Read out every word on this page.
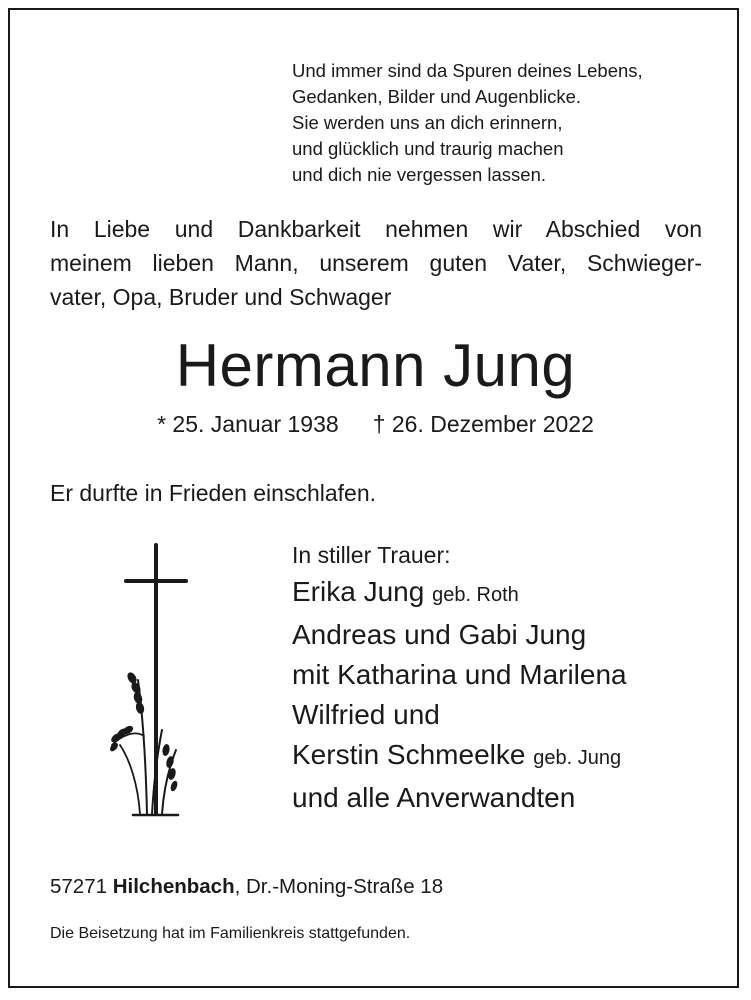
Und immer sind da Spuren deines Lebens,
Gedanken, Bilder und Augenblicke.
Sie werden uns an dich erinnern,
und glücklich und traurig machen
und dich nie vergessen lassen.
In Liebe und Dankbarkeit nehmen wir Abschied von
meinem lieben Mann, unserem guten Vater, Schwieger-
vater, Opa, Bruder und Schwager
Hermann Jung
* 25. Januar 1938 † 26. Dezember 2022
Er durfte in Frieden einschlafen.
In stiller Trauer:
Erika Jung geb. Roth
Andreas und Gabi Jung
mit Katharina und Marilena
Wilfried und
Kerstin Schmeelke geb. Jung
und alle Anverwandten
57271 Hilchenbach, Dr.-Moning-Straße 18
Die Beisetzung hat im Familienkreis stattgefunden.
